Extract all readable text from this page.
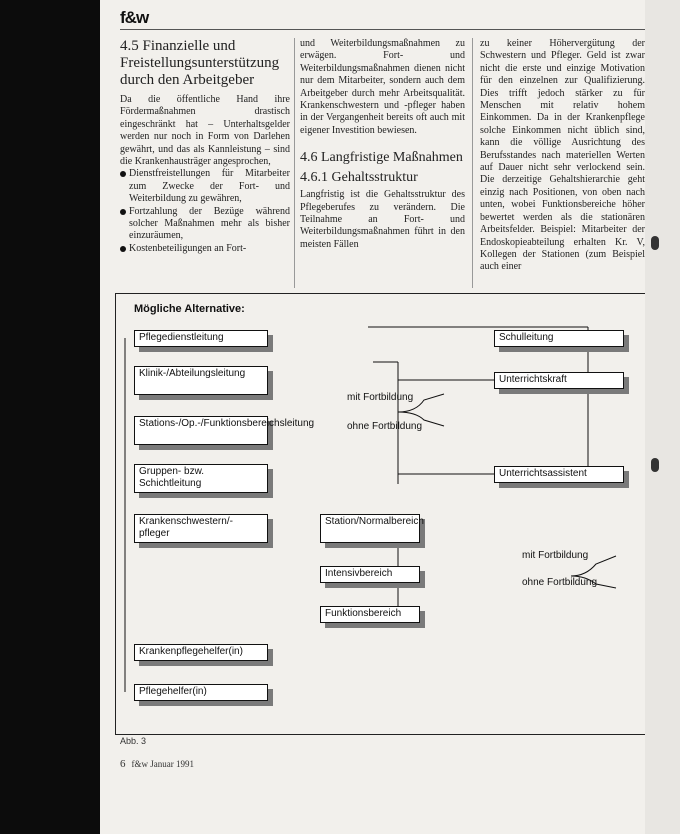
f&w
4.5 Finanzielle und Freistellungsunterstützung durch den Arbeitgeber

Da die öffentliche Hand ihre Fördermaßnahmen drastisch eingeschränkt hat – Unterhaltsgelder werden nur noch in Form von Darlehen gewährt, und das als Kannleistung – sind die Krankenhausträger angesprochen,

Dienstfreistellungen für Mitarbeiter zum Zwecke der Fort- und Weiterbildung zu gewähren,
Fortzahlung der Bezüge während solcher Maßnahmen mehr als bisher einzuräumen,
Kostenbeteiligungen an Fort-

und Weiterbildungsmaßnahmen zu erwägen. Fort- und Weiterbildungsmaßnahmen dienen nicht nur dem Mitarbeiter, sondern auch dem Arbeitgeber durch mehr Arbeitsqualität. Krankenschwestern und -pfleger haben in der Vergangenheit bereits oft auch mit eigener Investition bewiesen.

4.6 Langfristige Maßnahmen
4.6.1 Gehaltsstruktur

Langfristig ist die Gehaltsstruktur des Pflegeberufes zu verändern. Die Teilnahme an Fort- und Weiterbildungsmaßnahmen führt in den meisten Fällen

zu keiner Höhervergütung der Schwestern und Pfleger. Geld ist zwar nicht die erste und einzige Motivation für den einzelnen zur Qualifizierung. Dies trifft jedoch stärker zu für Menschen mit relativ hohem Einkommen. Da in der Krankenpflege solche Einkommen nicht üblich sind, kann die völlige Ausrichtung des Berufsstandes nach materiellen Werten auf Dauer nicht sehr verlockend sein. Die derzeitige Gehaltshierarchie geht einzig nach Positionen, von oben nach unten, wobei Funktionsbereiche höher bewertet werden als die stationären Arbeitsfelder. Beispiel: Mitarbeiter der Endoskopieabteilung erhalten Kr. V, Kollegen der Stationen (zum Beispiel auch einer

Mögliche Alternative:
Pflegedienstleitung
Klinik-/Abteilungsleitung
Stations-/Op.-/Funktionsbereichsleitung
Gruppen- bzw. Schichtleitung
Krankenschwestern/-pfleger
Krankenpflegehelfer(in)
Pflegehelfer(in)
Schulleitung
Unterrichtskraft
Unterrichtsassistent
Station/Normalbereich
Intensivbereich
Funktionsbereich
mit Fortbildung
ohne Fortbildung
mit Fortbildung
ohne Fortbildung
Abb. 3
6 f&w Januar 1991
